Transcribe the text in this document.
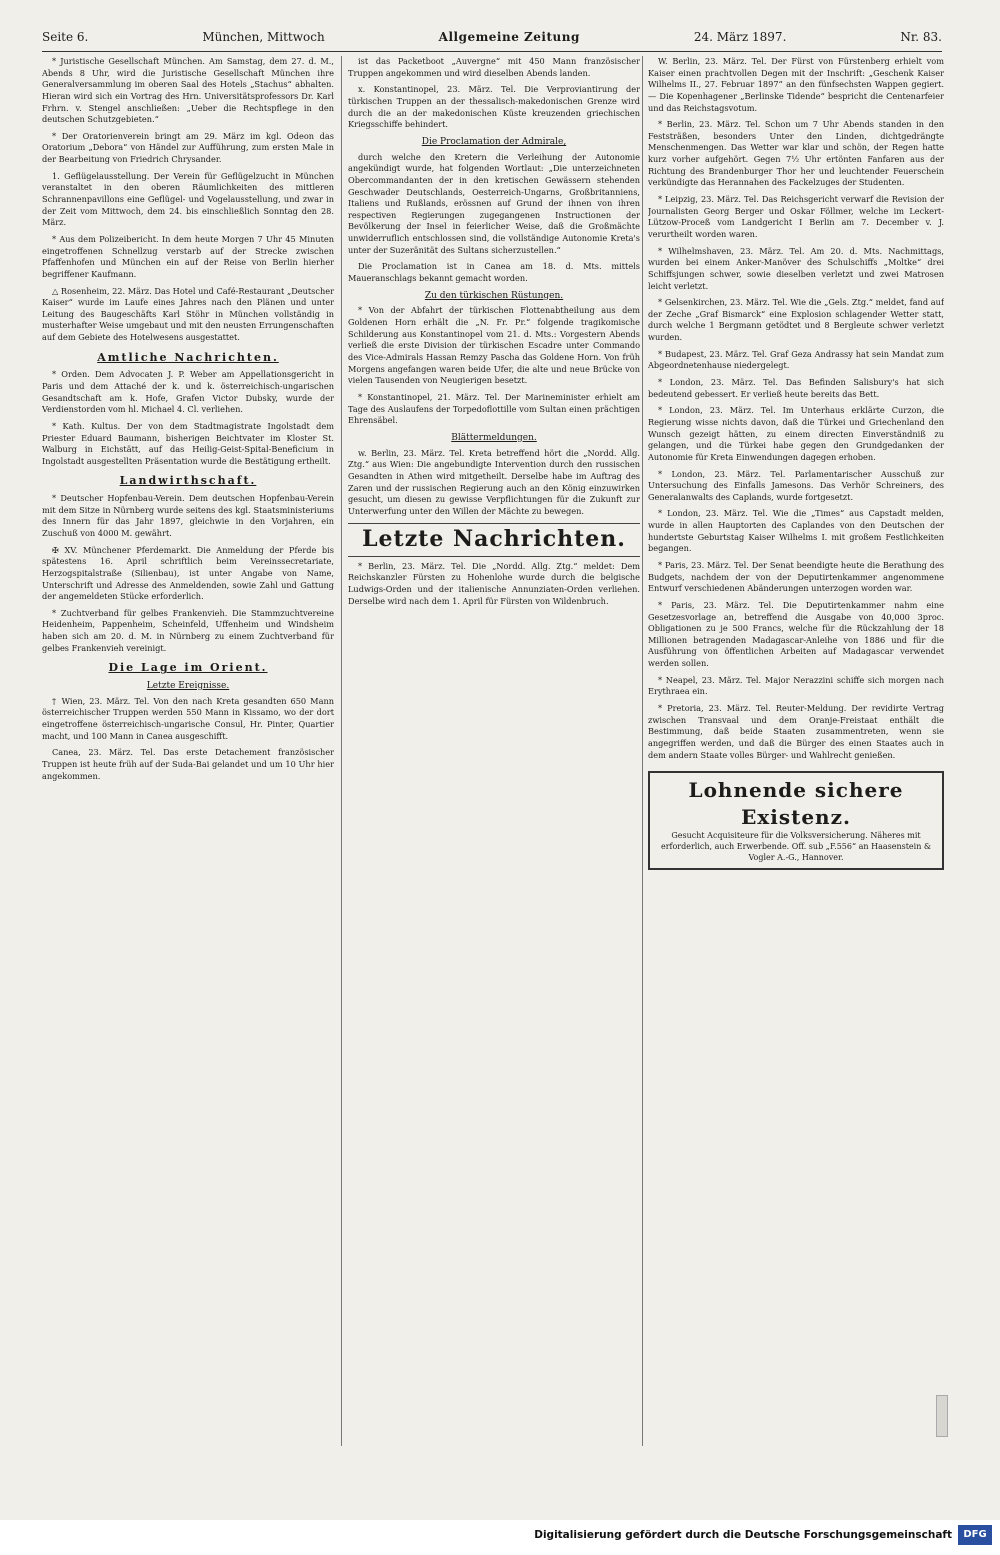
Seite 6.	München, Mittwoch	Allgemeine Zeitung	24. März 1897.	Nr. 83.

* Juristische Gesellschaft München. Am Samstag, dem 27. d. M., Abends 8 Uhr, wird die Juristische Gesellschaft München ihre Generalversammlung im oberen Saal des Hotels „Stachus“ abhalten. Hieran wird sich ein Vortrag des Hrn. Universitätsprofessors Dr. Karl Frhrn. v. Stengel anschließen: „Ueber die Rechtspflege in den deutschen Schutzgebieten.“

* Der Oratorienverein bringt am 29. März im kgl. Odeon das Oratorium „Debora“ von Händel zur Aufführung, zum ersten Male in der Bearbeitung von Friedrich Chrysander.

1. Geflügelausstellung. Der Verein für Geflügelzucht in München veranstaltet in den oberen Räumlichkeiten des mittleren Schrannenpavillons eine Geflügel- und Vogelausstellung, und zwar in der Zeit vom Mittwoch, dem 24. bis einschließlich Sonntag den 28. März.

* Aus dem Polizeibericht. In dem heute Morgen 7 Uhr 45 Minuten eingetroffenen Schnellzug verstarb auf der Strecke zwischen Pfaffenhofen und München ein auf der Reise von Berlin hierher begriffener Kaufmann.

△ Rosenheim, 22. März. Das Hotel und Café-Restaurant „Deutscher Kaiser“ wurde im Laufe eines Jahres nach den Plänen und unter Leitung des Baugeschäfts Karl Stöhr in München vollständig in musterhafter Weise umgebaut und mit den neusten Errungenschaften auf dem Gebiete des Hotelwesens ausgestattet.

Amtliche Nachrichten.

* Orden. Dem Advocaten J. P. Weber am Appellationsgericht in Paris und dem Attaché der k. und k. österreichisch-ungarischen Gesandtschaft am k. Hofe, Grafen Victor Dubsky, wurde der Verdienstorden vom hl. Michael 4. Cl. verliehen.

* Kath. Kultus. Der von dem Stadtmagistrate Ingolstadt dem Priester Eduard Baumann, bisherigen Beichtvater im Kloster St. Walburg in Eichstätt, auf das Heilig-Geist-Spital-Beneficium in Ingolstadt ausgestellten Präsentation wurde die Bestätigung ertheilt.

Landwirthschaft.

* Deutscher Hopfenbau-Verein. Dem deutschen Hopfenbau-Verein mit dem Sitze in Nürnberg wurde seitens des kgl. Staatsministeriums des Innern für das Jahr 1897, gleichwie in den Vorjahren, ein Zuschuß von 4000 M. gewährt.

✠ XV. Münchener Pferdemarkt. Die Anmeldung der Pferde bis spätestens 16. April schriftlich beim Vereinssecretariate, Herzogspitalstraße (Silienbau), ist unter Angabe von Name, Unterschrift und Adresse des Anmeldenden, sowie Zahl und Gattung der angemeldeten Stücke erforderlich.

* Zuchtverband für gelbes Frankenvieh. Die Stammzuchtvereine Heidenheim, Pappenheim, Scheinfeld, Uffenheim und Windsheim haben sich am 20. d. M. in Nürnberg zu einem Zuchtverband für gelbes Frankenvieh vereinigt.

Die Lage im Orient.
Letzte Ereignisse.

† Wien, 23. März. Tel. Von den nach Kreta gesandten 650 Mann österreichischer Truppen werden 550 Mann in Kissamo, wo der dort eingetroffene österreichisch-ungarische Consul, Hr. Pinter, Quartier macht, und 100 Mann in Canea ausgeschifft.

Canea, 23. März. Tel. Das erste Detachement französischer Truppen ist heute früh auf der Suda-Bai gelandet und um 10 Uhr hier angekommen.

ist das Packetboot „Auvergne“ mit 450 Mann französischer Truppen angekommen und wird dieselben Abends landen.

x. Konstantinopel, 23. März. Tel. Die Verproviantirung der türkischen Truppen an der thessalisch-makedonischen Grenze wird durch die an der makedonischen Küste kreuzenden griechischen Kriegsschiffe behindert.

Die Proclamation der Admirale,

durch welche den Kretern die Verleihung der Autonomie angekündigt wurde, hat folgenden Wortlaut: „Die unterzeichneten Obercommandanten der in den kretischen Gewässern stehenden Geschwader Deutschlands, Oesterreich-Ungarns, Großbritanniens, Italiens und Rußlands, erössnen auf Grund der ihnen von ihren respectiven Regierungen zugegangenen Instructionen der Bevölkerung der Insel in feierlicher Weise, daß die Großmächte unwiderruflich entschlossen sind, die vollständige Autonomie Kreta's unter der Suzeränität des Sultans sicherzustellen.“

Die Proclamation ist in Canea am 18. d. Mts. mittels Maueranschlags bekannt gemacht worden.

Zu den türkischen Rüstungen.

* Von der Abfahrt der türkischen Flottenabtheilung aus dem Goldenen Horn erhält die „N. Fr. Pr.“ folgende tragikomische Schilderung aus Konstantinopel vom 21. d. Mts.: Vorgestern Abends verließ die erste Division der türkischen Escadre unter Commando des Vice-Admirals Hassan Remzy Pascha das Goldene Horn. Von früh Morgens angefangen waren beide Ufer, die alte und neue Brücke von vielen Tausenden von Neugierigen besetzt.

* Konstantinopel, 21. März. Tel. Der Marineminister erhielt am Tage des Auslaufens der Torpedoflottille vom Sultan einen prächtigen Ehrensäbel.

Blättermeldungen.

w. Berlin, 23. März. Tel. Kreta betreffend hört die „Nordd. Allg. Ztg.“ aus Wien: Die angebundigte Intervention durch den russischen Gesandten in Athen wird mitgetheilt. Derselbe habe im Auftrag des Zaren und der russischen Regierung auch an den König einzuwirken gesucht, um diesen zu gewisse Verpflichtungen für die Zukunft zur Unterwerfung unter den Willen der Mächte zu bewegen.

Letzte Nachrichten.

* Berlin, 23. März. Tel. Die „Nordd. Allg. Ztg.“ meldet: Dem Reichskanzler Fürsten zu Hohenlohe wurde durch die belgische Ludwigs-Orden und der italienische Annunziaten-Orden verliehen. Derselbe wird nach dem 1. April für Fürsten von Wildenbruch.

W. Berlin, 23. März. Tel. Der Fürst von Fürstenberg erhielt vom Kaiser einen prachtvollen Degen mit der Inschrift: „Geschenk Kaiser Wilhelms II., 27. Februar 1897“ an den fünfsechsten Wappen gegiert. — Die Kopenhagener „Berlinske Tidende“ bespricht die Centenarfeier und das Reichstagsvotum.

* Berlin, 23. März. Tel. Schon um 7 Uhr Abends standen in den Feststräßen, besonders Unter den Linden, dichtgedrängte Menschenmengen. Das Wetter war klar und schön, der Regen hatte kurz vorher aufgehört. Gegen 7½ Uhr ertönten Fanfaren aus der Richtung des Brandenburger Thor her und leuchtender Feuerschein verkündigte das Herannahen des Fackelzuges der Studenten.

* Leipzig, 23. März. Tel. Das Reichsgericht verwarf die Revision der Journalisten Georg Berger und Oskar Föllmer, welche im Leckert-Lützow-Proceß vom Landgericht I Berlin am 7. December v. J. verurtheilt worden waren.

* Wilhelmshaven, 23. März. Tel. Am 20. d. Mts. Nachmittags, wurden bei einem Anker-Manöver des Schulschiffs „Moltke“ drei Schiffsjungen schwer, sowie dieselben verletzt und zwei Matrosen leicht verletzt.

* Gelsenkirchen, 23. März. Tel. Wie die „Gels. Ztg.“ meldet, fand auf der Zeche „Graf Bismarck“ eine Explosion schlagender Wetter statt, durch welche 1 Bergmann getödtet und 8 Bergleute schwer verletzt wurden.

* Budapest, 23. März. Tel. Graf Geza Andrassy hat sein Mandat zum Abgeordnetenhause niedergelegt.

* London, 23. März. Tel. Das Befinden Salisbury's hat sich bedeutend gebessert. Er verließ heute bereits das Bett.

* London, 23. März. Tel. Im Unterhaus erklärte Curzon, die Regierung wisse nichts davon, daß die Türkei und Griechenland den Wunsch gezeigt hätten, zu einem directen Einverständniß zu gelangen, und die Türkei habe gegen den Grundgedanken der Autonomie für Kreta Einwendungen dagegen erhoben.

* London, 23. März. Tel. Parlamentarischer Ausschuß zur Untersuchung des Einfalls Jamesons. Das Verhör Schreiners, des Generalanwalts des Caplands, wurde fortgesetzt.

* London, 23. März. Tel. Wie die „Times“ aus Capstadt melden, wurde in allen Hauptorten des Caplandes von den Deutschen der hundertste Geburtstag Kaiser Wilhelms I. mit großem Festlichkeiten begangen.

* Paris, 23. März. Tel. Der Senat beendigte heute die Berathung des Budgets, nachdem der von der Deputirtenkammer angenommene Entwurf verschiedenen Abänderungen unterzogen worden war.

* Paris, 23. März. Tel. Die Deputirtenkammer nahm eine Gesetzesvorlage an, betreffend die Ausgabe von 40,000 3proc. Obligationen zu je 500 Francs, welche für die Rückzahlung der 18 Millionen betragenden Madagascar-Anleihe von 1886 und für die Ausführung von öffentlichen Arbeiten auf Madagascar verwendet werden sollen.

* Neapel, 23. März. Tel. Major Nerazzini schiffe sich morgen nach Erythraea ein.

* Pretoria, 23. März. Tel. Reuter-Meldung. Der revidirte Vertrag zwischen Transvaal und dem Oranje-Freistaat enthält die Bestimmung, daß beide Staaten zusammentreten, wenn sie angegriffen werden, und daß die Bürger des einen Staates auch in dem andern Staate volles Bürger- und Wahlrecht genießen.

Lohnende sichere Existenz.
Gesucht Acquisiteure für die Volksversicherung. Näheres mit erforderlich, auch Erwerbende. Off. sub „F.556“ an Haasenstein & Vogler A.-G., Hannover.
Digitalisierung gefördert durch die Deutsche Forschungsgemeinschaft	DFG
